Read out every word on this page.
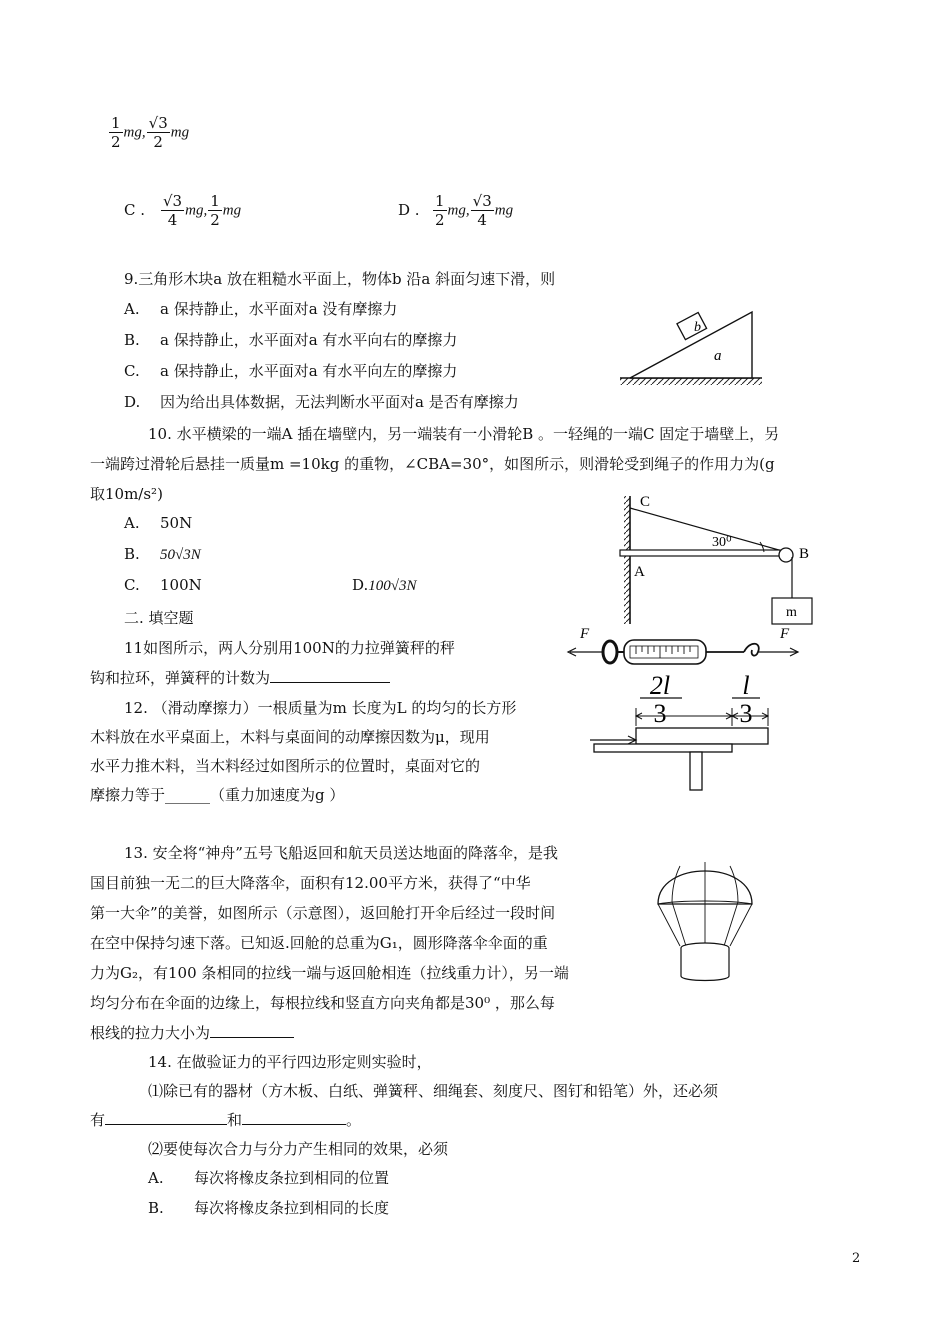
$\frac{1}{2}$ mg, $\frac{√3}{2}$ mg
C . $\frac{√3}{4}$ mg, $\frac{1}{2}$ mg	D . $\frac{1}{2}$ mg, $\frac{√3}{4}$ mg
9.三角形木块a 放在粗糙水平面上，物体b 沿a 斜面匀速下滑，则
A. a 保持静止，水平面对a 没有摩擦力
B. a 保持静止，水平面对a 有水平向右的摩擦力
C. a 保持静止，水平面对a 有水平向左的摩擦力
D. 因为给出具体数据，无法判断水平面对a 是否有摩擦力
b
a
10. 水平横梁的一端A 插在墙壁内，另一端装有一小滑轮B 。一轻绳的一端C 固定于墙壁上，另
一端跨过滑轮后悬挂一质量m =10kg 的重物，∠CBA=30°，如图所示，则滑轮受到绳子的作用力为(g
取10m/s²)
A. 50N
B. 50√3N
C. 100N	D.100√3N
C
A
B
30⁰
m
二. 填空题
11如图所示，两人分别用100N的力拉弹簧秤的秤
钩和拉环，弹簧秤的计数为
F	F
12. （滑动摩擦力）一根质量为m 长度为L 的均匀的长方形
木料放在水平桌面上，木料与桌面间的动摩擦因数为μ，现用
水平力推木料，当木料经过如图所示的位置时，桌面对它的
摩擦力等于______（重力加速度为g ）
2l
3
l
3
13. 安全将“神舟”五号飞船返回和航天员送达地面的降落伞，是我
国目前独一无二的巨大降落伞，面积有12.00平方米，获得了“中华
第一大伞”的美誉，如图所示（示意图），返回舱打开伞后经过一段时间
在空中保持匀速下落。已知返.回舱的总重为G₁，圆形降落伞伞面的重
力为G₂，有100 条相同的拉线一端与返回舱相连（拉线重力计），另一端
均匀分布在伞面的边缘上，每根拉线和竖直方向夹角都是30⁰ ，那么每
根线的拉力大小为
14. 在做验证力的平行四边形定则实验时，
⑴除已有的器材（方木板、白纸、弹簧秤、细绳套、刻度尺、图钉和铅笔）外，还必须
有	和	。
⑵要使每次合力与分力产生相同的效果，必须
A. 每次将橡皮条拉到相同的位置
B. 每次将橡皮条拉到相同的长度
2
